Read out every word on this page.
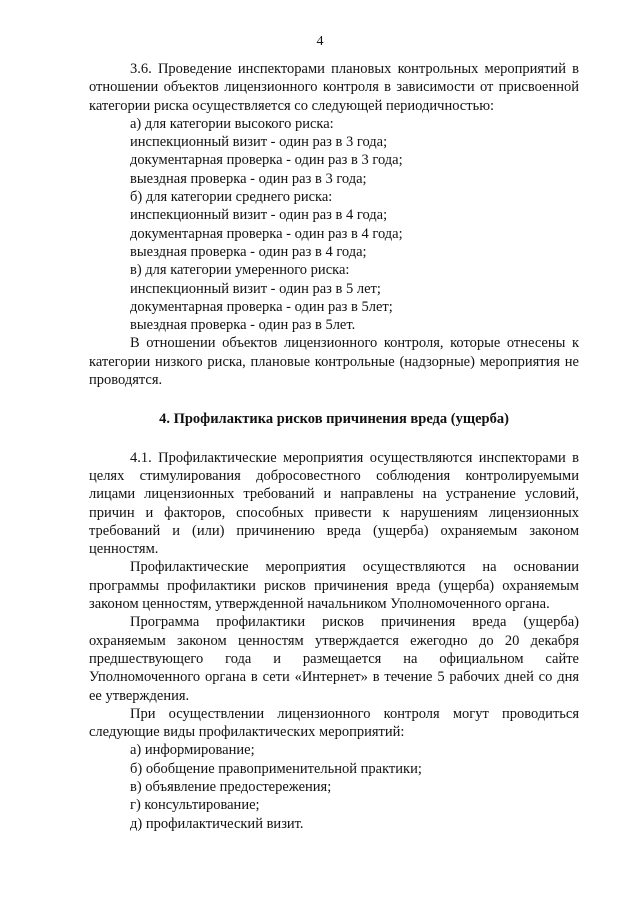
4

3.6. Проведение инспекторами плановых контрольных мероприятий в отношении объектов лицензионного контроля в зависимости от присвоенной категории риска осуществляется со следующей периодичностью:

а) для категории высокого риска:

инспекционный визит - один раз в 3 года;

документарная проверка - один раз в 3 года;

выездная проверка - один раз в 3 года;

б) для категории среднего риска:

инспекционный визит - один раз в 4 года;

документарная проверка - один раз в 4 года;

выездная проверка - один раз в 4 года;

в) для категории умеренного риска:

инспекционный визит - один раз в 5 лет;

документарная проверка - один раз в 5лет;

выездная проверка - один раз в 5лет.

В отношении объектов лицензионного контроля, которые отнесены к категории низкого риска, плановые контрольные (надзорные) мероприятия не проводятся.

4. Профилактика рисков причинения вреда (ущерба)

4.1. Профилактические мероприятия осуществляются инспекторами в целях стимулирования добросовестного соблюдения контролируемыми лицами лицензионных требований и направлены на устранение условий, причин и факторов, способных привести к нарушениям лицензионных требований и (или) причинению вреда (ущерба) охраняемым законом ценностям.

Профилактические мероприятия осуществляются на основании программы профилактики рисков причинения вреда (ущерба) охраняемым законом ценностям, утвержденной начальником Уполномоченного органа.

Программа профилактики рисков причинения вреда (ущерба) охраняемым законом ценностям утверждается ежегодно до 20 декабря предшествующего года и размещается на официальном сайте Уполномоченного органа в сети «Интернет» в течение 5 рабочих дней со дня ее утверждения.

При осуществлении лицензионного контроля могут проводиться следующие виды профилактических мероприятий:

а) информирование;

б) обобщение правоприменительной практики;

в) объявление предостережения;

г) консультирование;

д) профилактический визит.
